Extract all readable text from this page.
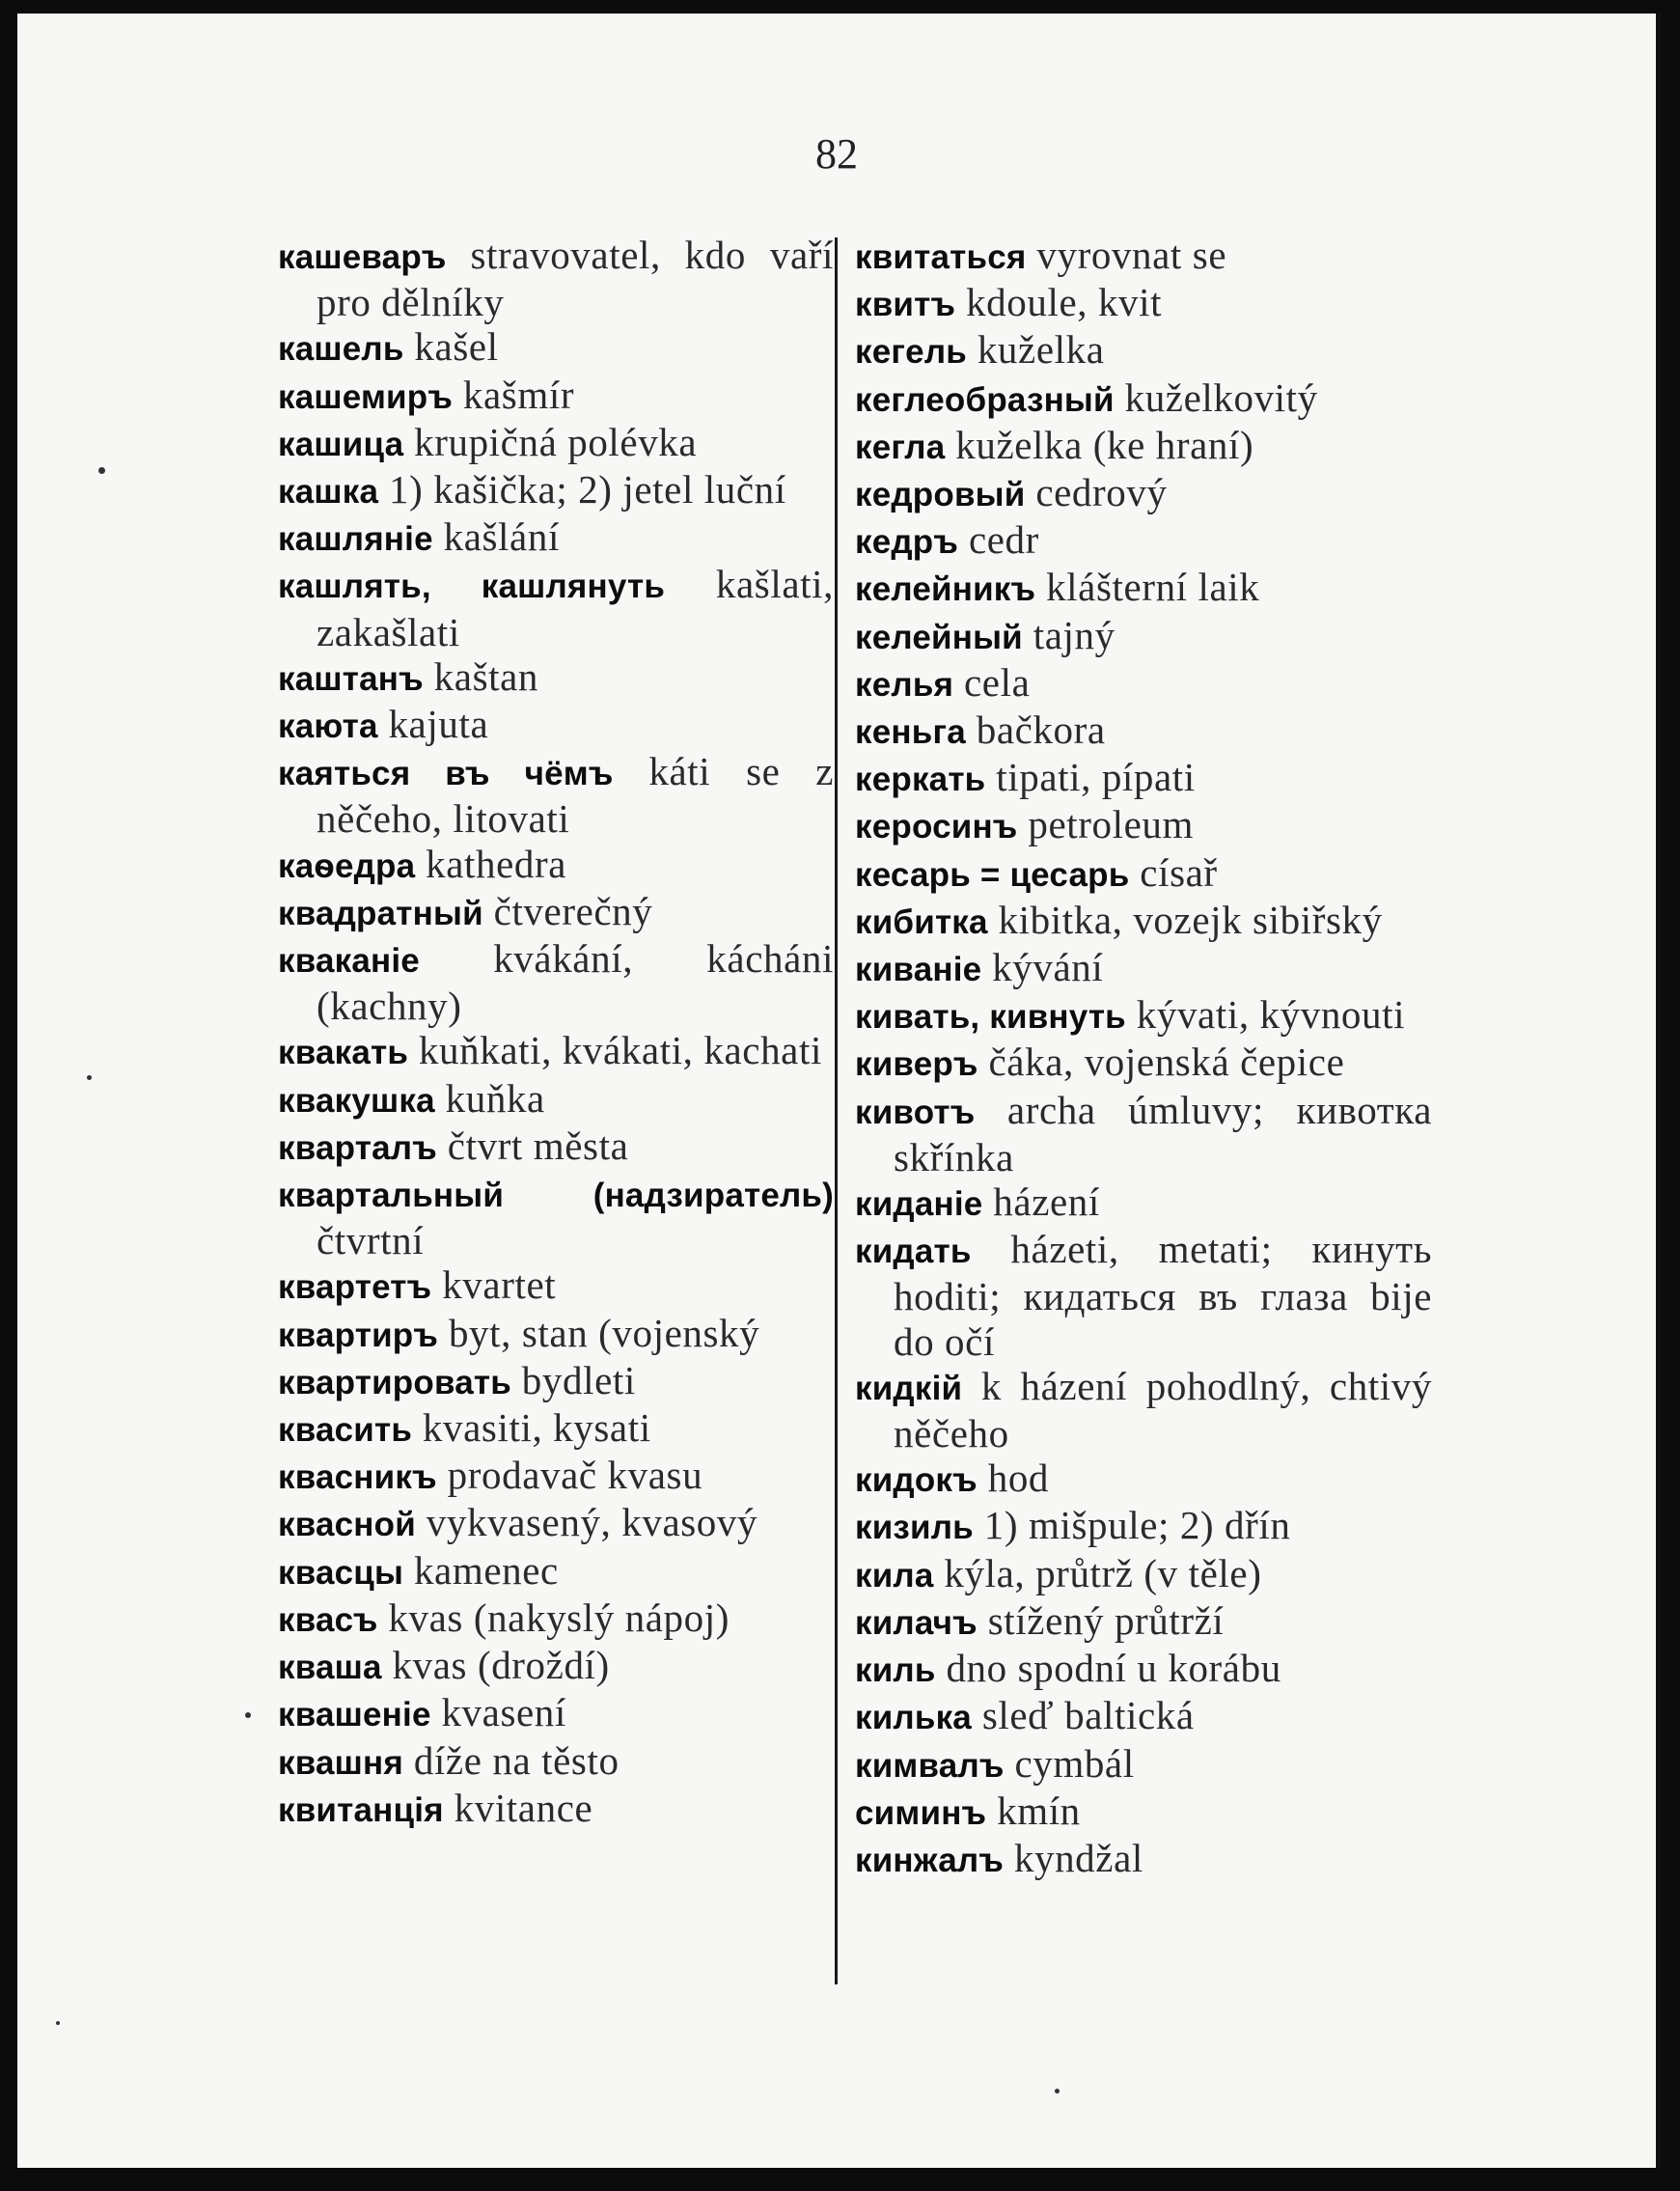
82
кашеваръ stravovatel, kdo vaří pro dělníky
кашель kašel
кашемиръ kašmír
кашица krupičná polévka
кашка 1) kašička; 2) jetel luční
кашляніе kašlání
кашлять, кашлянуть kašlati, zakašlati
каштанъ kaštan
каюта kajuta
каяться въ чёмъ káti se z něčeho, litovati
каѳедра kathedra
квадратный čtverečný
кваканіе kvákání, kácháni (kachny)
квакать kuňkati, kvákati, kachati
квакушка kuňka
кварталъ čtvrt města
квартальный (надзиратель) čtvrtní
квартетъ kvartet
квартиръ byt, stan (vojenský
квартировать bydleti
квасить kvasiti, kysati
квасникъ prodavač kvasu
квасной vykvasený, kvasový
квасцы kamenec
квасъ kvas (nakyslý nápoj)
кваша kvas (droždí)
квашеніе kvasení
квашня díže na těsto
квитанція kvitance
квитаться vyrovnat se
квитъ kdoule, kvit
кегель kuželka
кеглеобразный kuželkovitý
кегла kuželka (ke hraní)
кедровый cedrový
кедръ cedr
келейникъ klášterní laik
келейный tajný
келья cela
кеньга bačkora
керкать tipati, pípati
керосинъ petroleum
кесарь = цесарь císař
кибитка kibitka, vozejk sibiřský
киваніе kývání
кивать, кивнуть kývati, kývnouti
киверъ čáka, vojenská čepice
кивотъ archa úmluvy; кивотка skřínka
киданіе házení
кидать házeti, metati; кинуть hoditi; кидаться въ глаза bije do očí
кидкій k házení pohodlný, chtivý něčeho
кидокъ hod
кизиль 1) mišpule; 2) dřín
кила kýla, průtrž (v těle)
килачъ stížený průtrží
киль dno spodní u korábu
килька sleď baltická
кимвалъ cymbál
симинъ kmín
кинжалъ kyndžal
